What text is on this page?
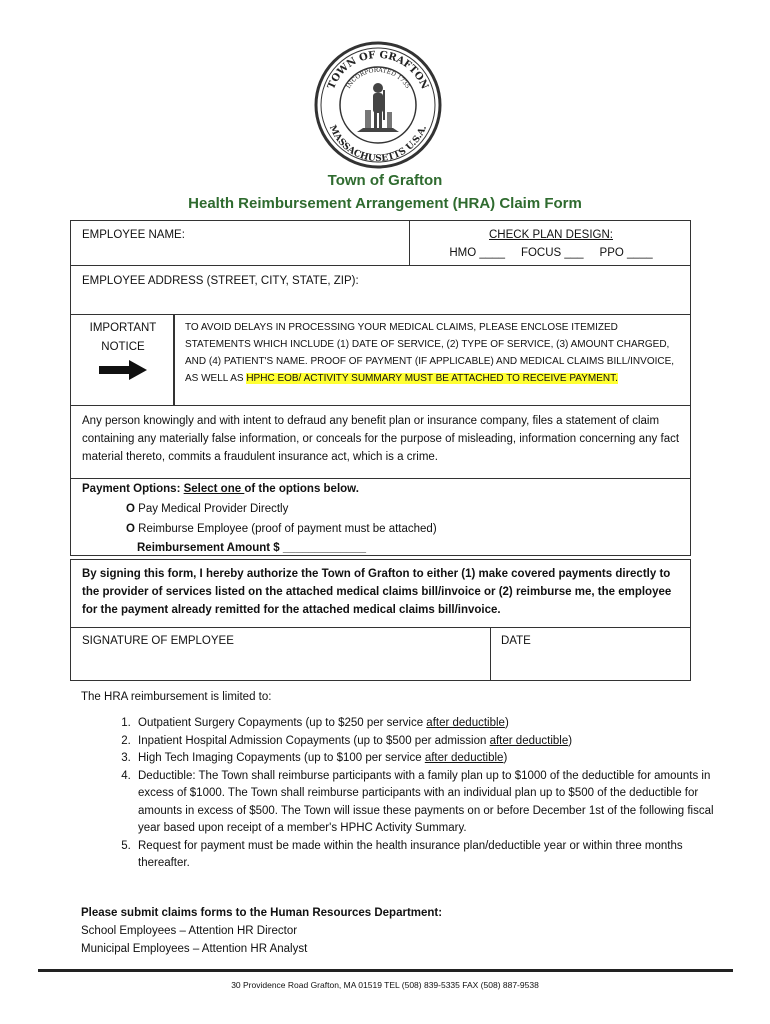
TOWN OF GRAFTON
INCORPORATED 1735
MASSACHUSETTS U.S.A.
Town of Grafton
Health Reimbursement Arrangement (HRA) Claim Form
EMPLOYEE NAME:	CHECK PLAN DESIGN:
HMO ____     FOCUS ___     PPO ____
EMPLOYEE ADDRESS (STREET, CITY, STATE, ZIP):
IMPORTANT
NOTICE
TO AVOID DELAYS IN PROCESSING YOUR MEDICAL CLAIMS, PLEASE ENCLOSE ITEMIZED STATEMENTS WHICH INCLUDE (1) DATE OF SERVICE, (2) TYPE OF SERVICE, (3) AMOUNT CHARGED, AND (4) PATIENT'S NAME. PROOF OF PAYMENT (IF APPLICABLE) AND MEDICAL CLAIMS BILL/INVOICE, AS WELL AS HPHC EOB/ ACTIVITY SUMMARY MUST BE ATTACHED TO RECEIVE PAYMENT.
Any person knowingly and with intent to defraud any benefit plan or insurance company, files a statement of claim containing any materially false information, or conceals for the purpose of misleading, information concerning any fact material thereto, commits a fraudulent insurance act, which is a crime.
Payment Options: Select one of the options below.
O Pay Medical Provider Directly
O Reimburse Employee (proof of payment must be attached)
Reimbursement Amount $ _____________
By signing this form, I hereby authorize the Town of Grafton to either (1) make covered payments directly to the provider of services listed on the attached medical claims bill/invoice or (2) reimburse me, the employee for the payment already remitted for the attached medical claims bill/invoice.
SIGNATURE OF EMPLOYEE	DATE
The HRA reimbursement is limited to:
1. Outpatient Surgery Copayments (up to $250 per service after deductible)
2. Inpatient Hospital Admission Copayments (up to $500 per admission after deductible)
3. High Tech Imaging Copayments (up to $100 per service after deductible)
4. Deductible: The Town shall reimburse participants with a family plan up to $1000 of the deductible for amounts in excess of $1000. The Town shall reimburse participants with an individual plan up to $500 of the deductible for amounts in excess of $500. The Town will issue these payments on or before December 1st of the following fiscal year based upon receipt of a member's HPHC Activity Summary.
5. Request for payment must be made within the health insurance plan/deductible year or within three months thereafter.
Please submit claims forms to the Human Resources Department:
School Employees – Attention HR Director
Municipal Employees – Attention HR Analyst
30 Providence Road Grafton, MA 01519 TEL (508) 839-5335 FAX (508) 887-9538
